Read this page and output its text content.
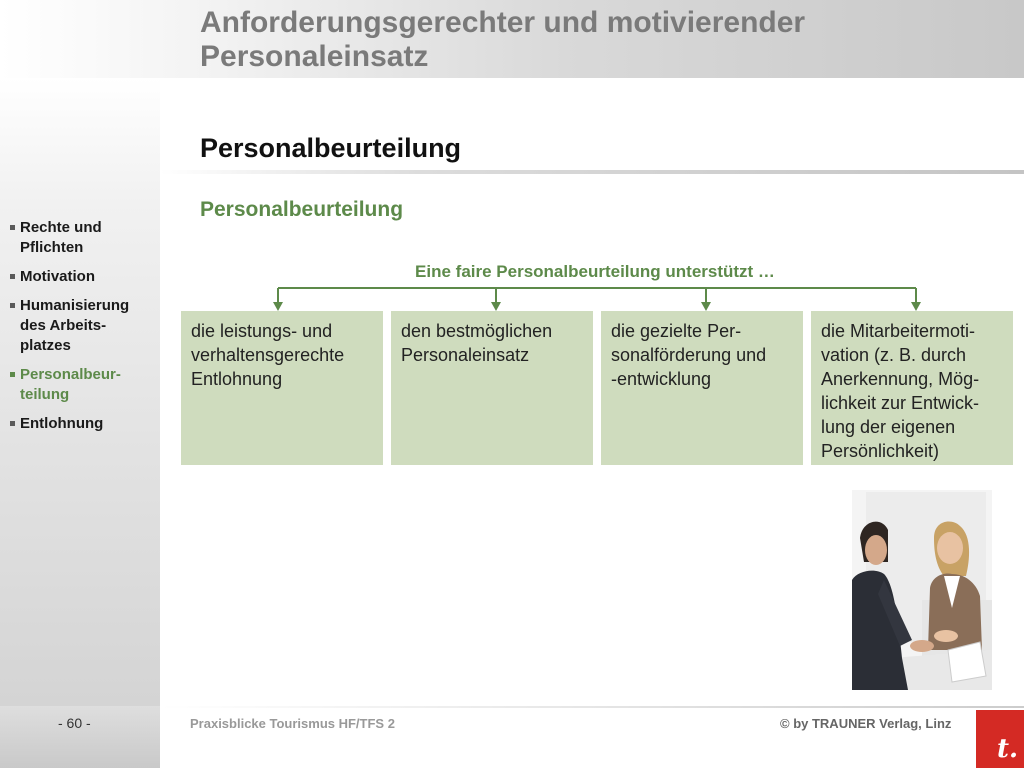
Anforderungsgerechter und motivierender
Personaleinsatz
Personalbeurteilung
Personalbeurteilung
Rechte und
Pflichten
Motivation
Humanisierung
des Arbeits-
platzes
Personalbeur-
teilung
Entlohnung
Eine faire Personalbeurteilung unterstützt …
die leistungs- und
verhaltensgerechte
Entlohnung
den bestmöglichen
Personaleinsatz
die gezielte Per-
sonalförderung und
-entwicklung
die Mitarbeitermoti-
vation (z. B. durch
Anerkennung, Mög-
lichkeit zur Entwick-
lung der eigenen
Persönlichkeit)
- 60 -	Praxisblicke Tourismus HF/TFS 2	© by TRAUNER Verlag, Linz
t.
